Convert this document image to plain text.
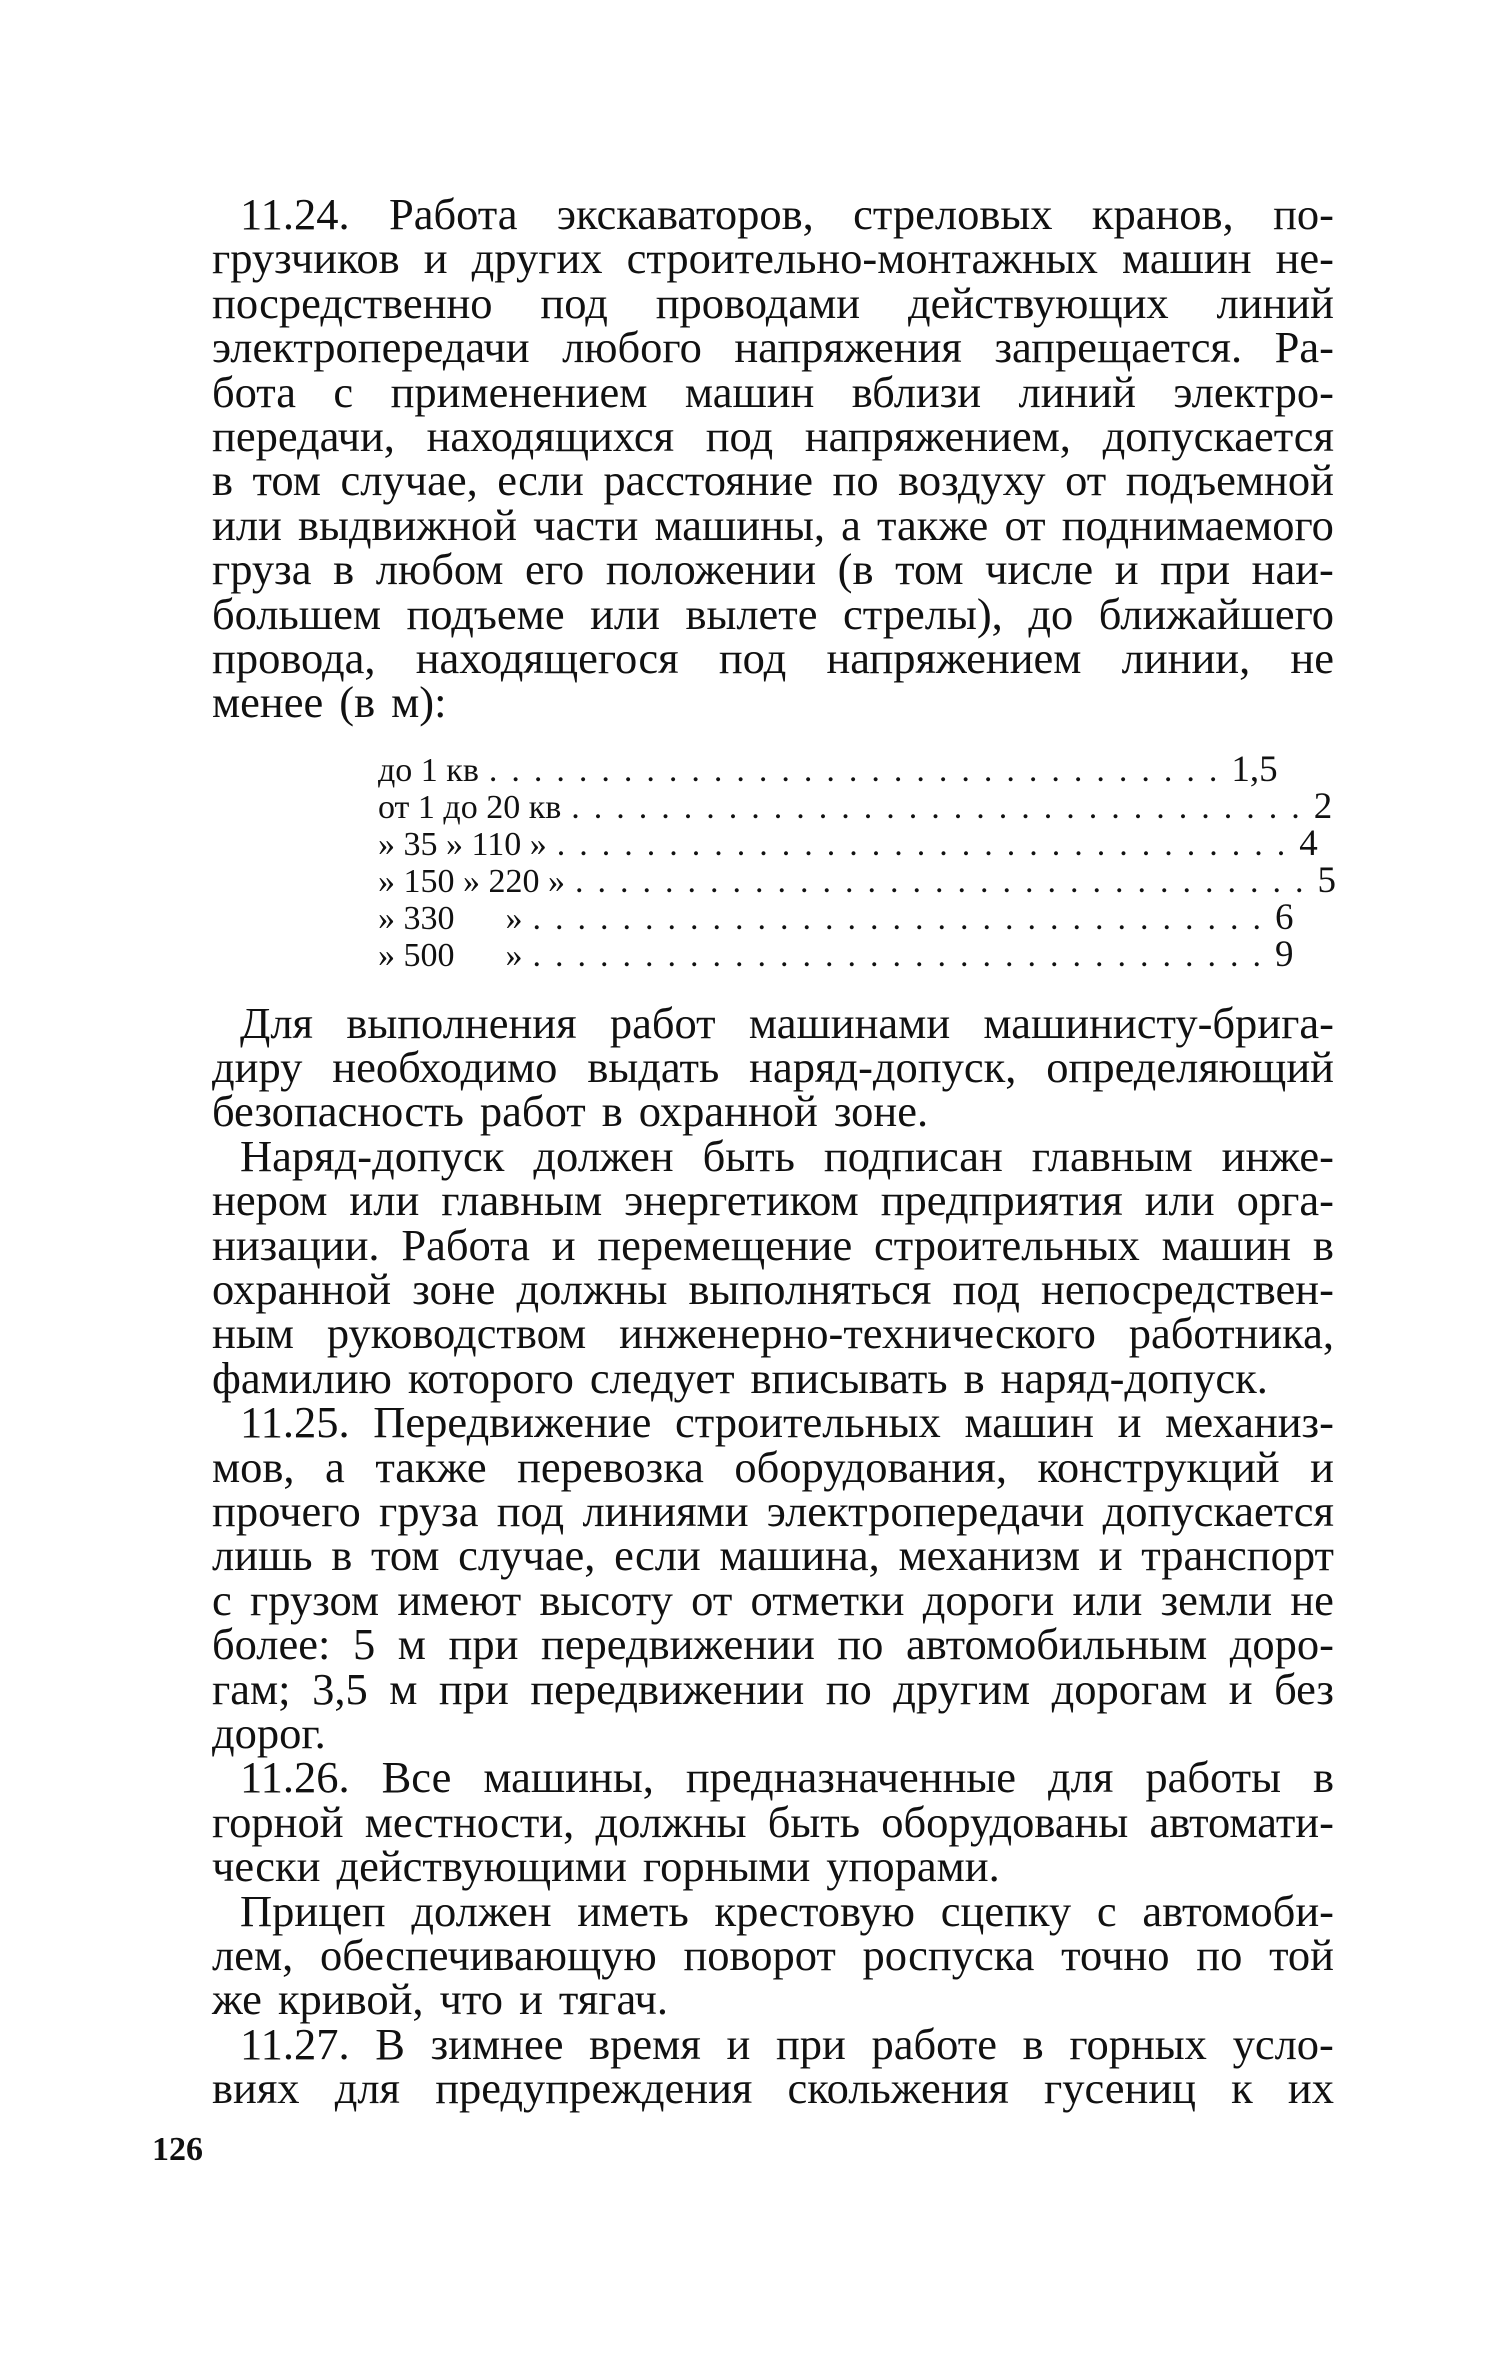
11.24. Работа экскаваторов, стреловых кранов, по-
грузчиков и других строительно-монтажных машин не-
посредственно под проводами действующих линий
электропередачи любого напряжения запрещается. Ра-
бота с применением машин вблизи линий электро-
передачи, находящихся под напряжением, допускается
в том случае, если расстояние по воздуху от подъемной
или выдвижной части машины, а также от поднимаемого
груза в любом его положении (в том числе и при наи-
большем подъеме или вылете стрелы), до ближайшего
провода, находящегося под напряжением линии, не
менее (в м):
до 1 кв ................................. 1,5
от 1 до 20 кв ................................. 2
» 35 » 110 » ................................. 4
» 150 » 220 » ................................. 5
» 330      » ................................. 6
» 500      » ................................. 9
Для выполнения работ машинами машинисту-брига-
диру необходимо выдать наряд-допуск, определяющий
безопасность работ в охранной зоне.
Наряд-допуск должен быть подписан главным инже-
нером или главным энергетиком предприятия или орга-
низации. Работа и перемещение строительных машин в
охранной зоне должны выполняться под непосредствен-
ным руководством инженерно-технического работника,
фамилию которого следует вписывать в наряд-допуск.
11.25. Передвижение строительных машин и механиз-
мов, а также перевозка оборудования, конструкций и
прочего груза под линиями электропередачи допускается
лишь в том случае, если машина, механизм и транспорт
с грузом имеют высоту от отметки дороги или земли не
более: 5 м при передвижении по автомобильным доро-
гам; 3,5 м при передвижении по другим дорогам и без
дорог.
11.26. Все машины, предназначенные для работы в
горной местности, должны быть оборудованы автомати-
чески действующими горными упорами.
Прицеп должен иметь крестовую сцепку с автомоби-
лем, обеспечивающую поворот роспуска точно по той
же кривой, что и тягач.
11.27. В зимнее время и при работе в горных усло-
виях для предупреждения скольжения гусениц к их
126
